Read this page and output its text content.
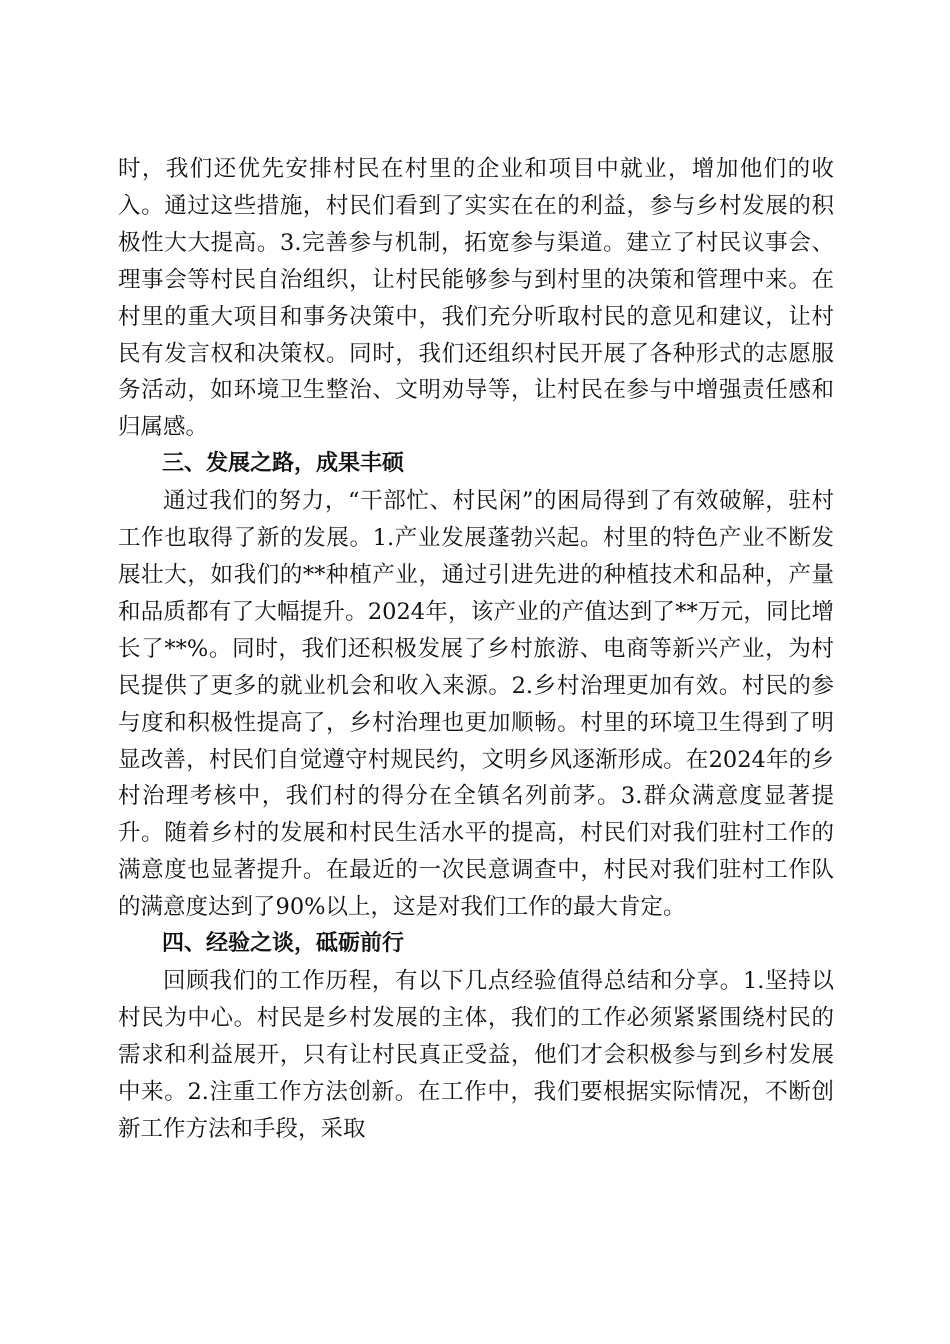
时，我们还优先安排村民在村里的企业和项目中就业，增加他们的收入。通过这些措施，村民们看到了实实在在的利益，参与乡村发展的积极性大大提高。3.完善参与机制，拓宽参与渠道。建立了村民议事会、理事会等村民自治组织，让村民能够参与到村里的决策和管理中来。在村里的重大项目和事务决策中，我们充分听取村民的意见和建议，让村民有发言权和决策权。同时，我们还组织村民开展了各种形式的志愿服务活动，如环境卫生整治、文明劝导等，让村民在参与中增强责任感和归属感。

三、发展之路，成果丰硕

通过我们的努力，“干部忙、村民闲”的困局得到了有效破解，驻村工作也取得了新的发展。1.产业发展蓬勃兴起。村里的特色产业不断发展壮大，如我们的**种植产业，通过引进先进的种植技术和品种，产量和品质都有了大幅提升。2024年，该产业的产值达到了**万元，同比增长了**%。同时，我们还积极发展了乡村旅游、电商等新兴产业，为村民提供了更多的就业机会和收入来源。2.乡村治理更加有效。村民的参与度和积极性提高了，乡村治理也更加顺畅。村里的环境卫生得到了明显改善，村民们自觉遵守村规民约，文明乡风逐渐形成。在2024年的乡村治理考核中，我们村的得分在全镇名列前茅。3.群众满意度显著提升。随着乡村的发展和村民生活水平的提高，村民们对我们驻村工作的满意度也显著提升。在最近的一次民意调查中，村民对我们驻村工作队的满意度达到了90%以上，这是对我们工作的最大肯定。

四、经验之谈，砥砺前行

回顾我们的工作历程，有以下几点经验值得总结和分享。1.坚持以村民为中心。村民是乡村发展的主体，我们的工作必须紧紧围绕村民的需求和利益展开，只有让村民真正受益，他们才会积极参与到乡村发展中来。2.注重工作方法创新。在工作中，我们要根据实际情况，不断创新工作方法和手段，采取
